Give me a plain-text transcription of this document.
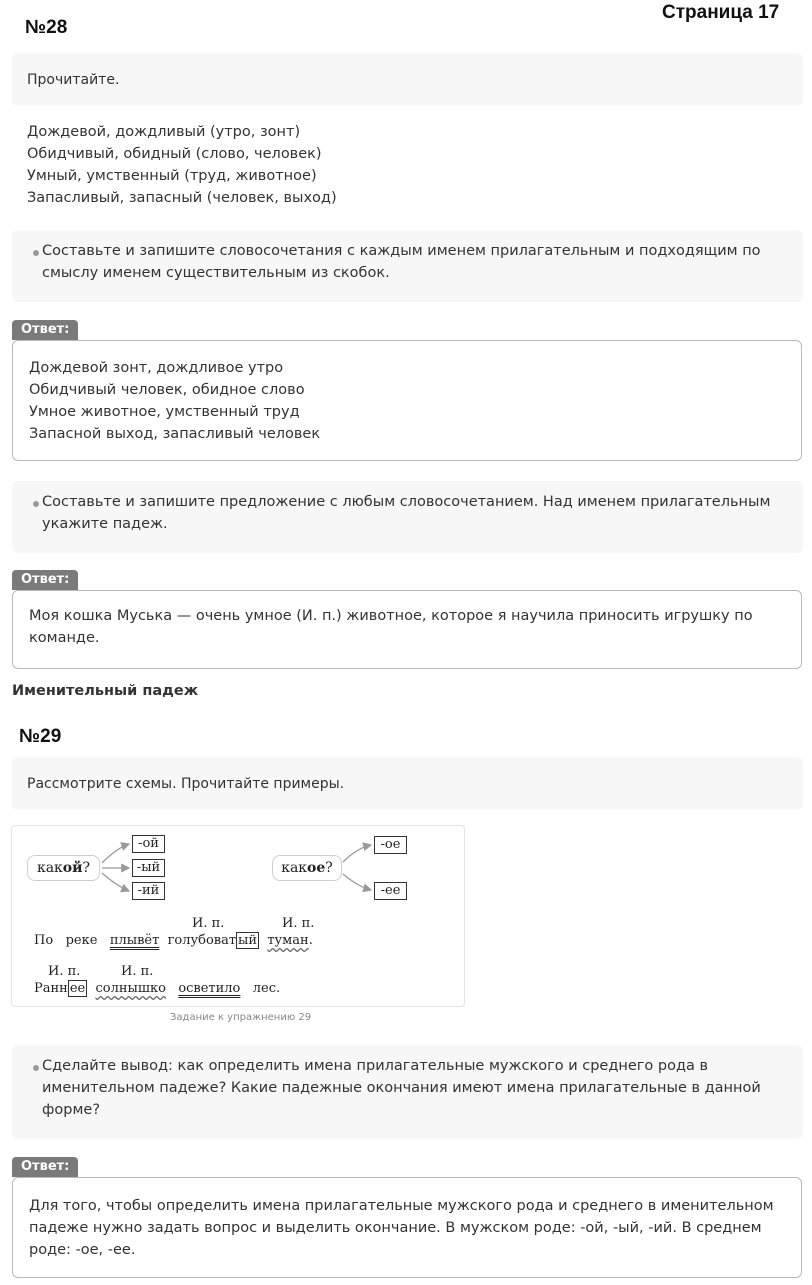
№28
Страница 17
Прочитайте.
Дождевой, дождливый (утро, зонт)
Обидчивый, обидный (слово, человек)
Умный, умственный (труд, животное)
Запасливый, запасный (человек, выход)
Составьте и запишите словосочетания с каждым именем прилагательным и подходящим по смыслу именем существительным из скобок.
Ответ:
Дождевой зонт, дождливое утро
Обидчивый человек, обидное слово
Умное животное, умственный труд
Запасной выход, запасливый человек
Составьте и запишите предложение с любым словосочетанием. Над именем прилагательным укажите падеж.
Ответ:
Моя кошка Муська — очень умное (И. п.) животное, которое я научила приносить игрушку по команде.
Именительный падеж
№29
Рассмотрите схемы. Прочитайте примеры.
какой?
-ой
-ый
-ий
какое?
-ое
-ее
И. п.	И. п.
По реке плывёт голубоват ый туман.
И. п.	И. п.
Ранн ее солнышко осветило лес.
Задание к упражнению 29
Сделайте вывод: как определить имена прилагательные мужского и среднего рода в именительном падеже? Какие падежные окончания имеют имена прилагательные в данной форме?
Ответ:
Для того, чтобы определить имена прилагательные мужского рода и среднего в именительном падеже нужно задать вопрос и выделить окончание. В мужском роде: -ой, -ый, -ий. В среднем роде: -ое, -ее.
